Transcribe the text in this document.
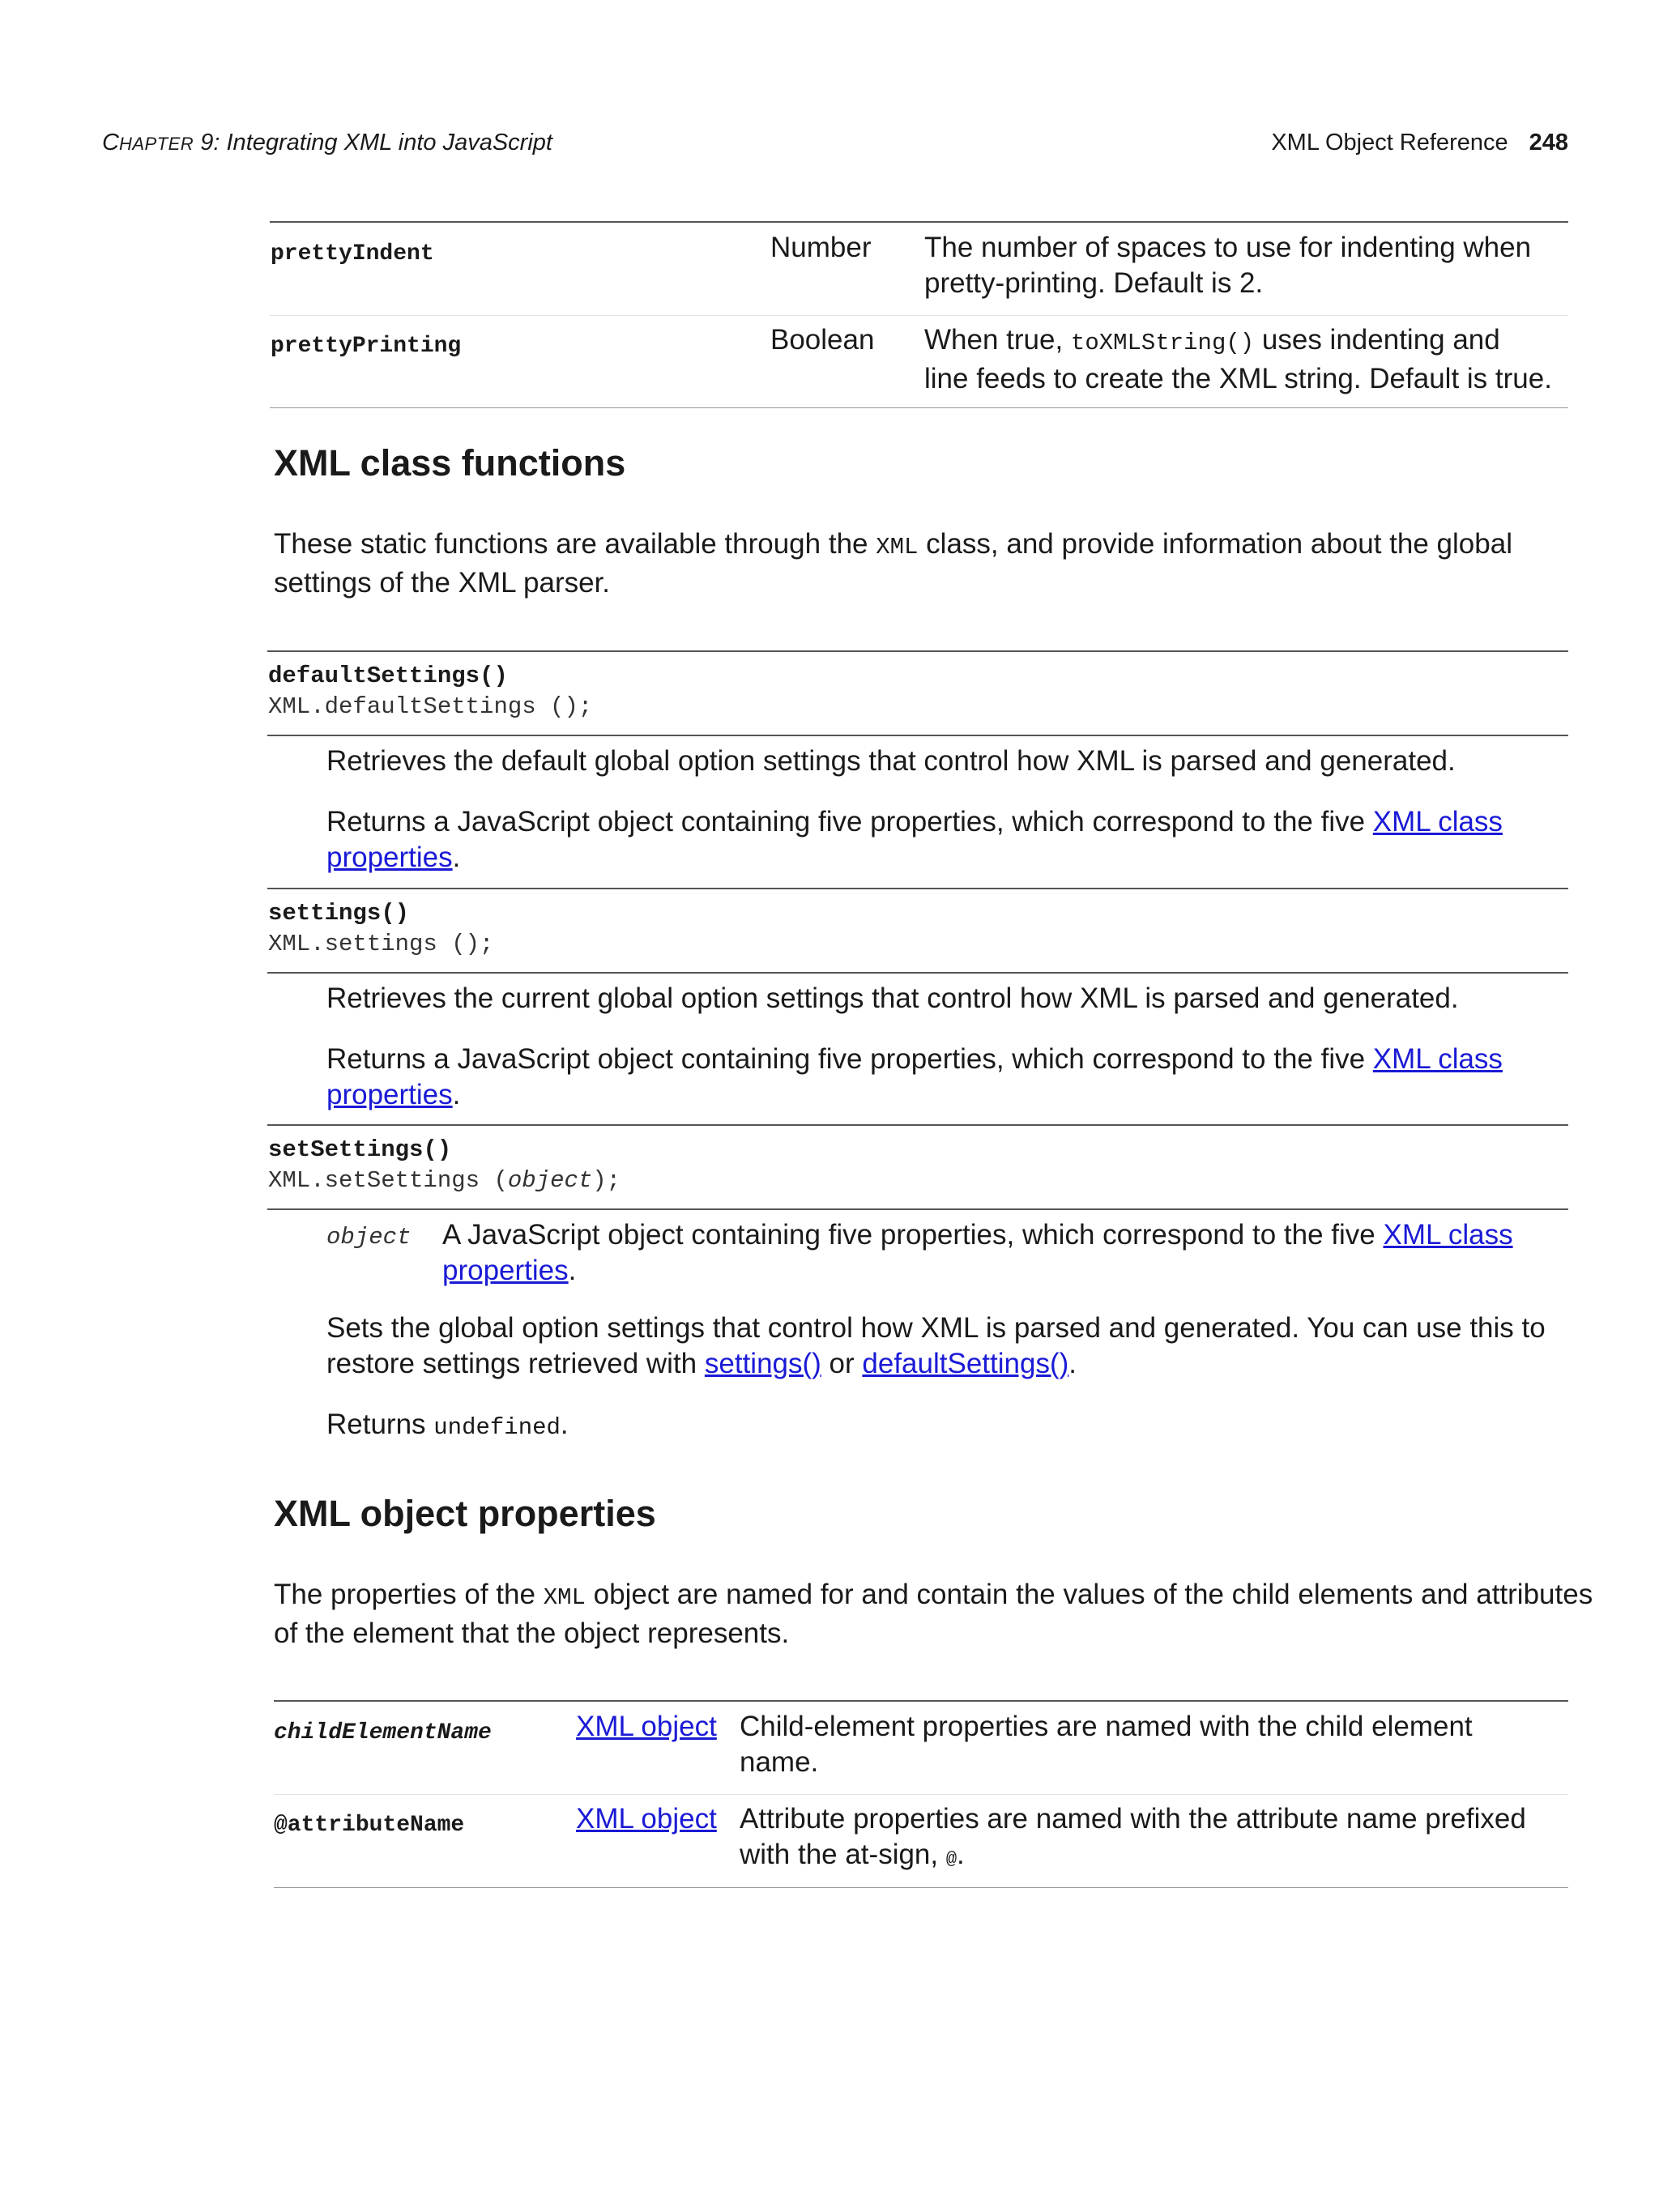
CHAPTER 9: Integrating XML into JavaScript	XML Object Reference 248
prettyIndent	Number The number of spaces to use for indenting when
pretty-printing. Default is 2.
prettyPrinting	Boolean When true, toXMLString() uses indenting and
line feeds to create the XML string. Default is true.
XML class functions
These static functions are available through the XML class, and provide information about the global
settings of the XML parser.
defaultSettings()
XML.defaultSettings ();
Retrieves the default global option settings that control how XML is parsed and generated.
Returns a JavaScript object containing five properties, which correspond to the five XML class
properties.
settings()
XML.settings ();
Retrieves the current global option settings that control how XML is parsed and generated.
Returns a JavaScript object containing five properties, which correspond to the five XML class
properties.
setSettings()
XML.setSettings (object);
object A JavaScript object containing five properties, which correspond to the five XML class
properties.
Sets the global option settings that control how XML is parsed and generated. You can use this to
restore settings retrieved with settings() or defaultSettings().
Returns undefined.
XML object properties
The properties of the XML object are named for and contain the values of the child elements and attributes
of the element that the object represents.
childElementName	XML object Child-element properties are named with the child element
name.
@attributeName	XML object Attribute properties are named with the attribute name prefixed
with the at-sign, @.
